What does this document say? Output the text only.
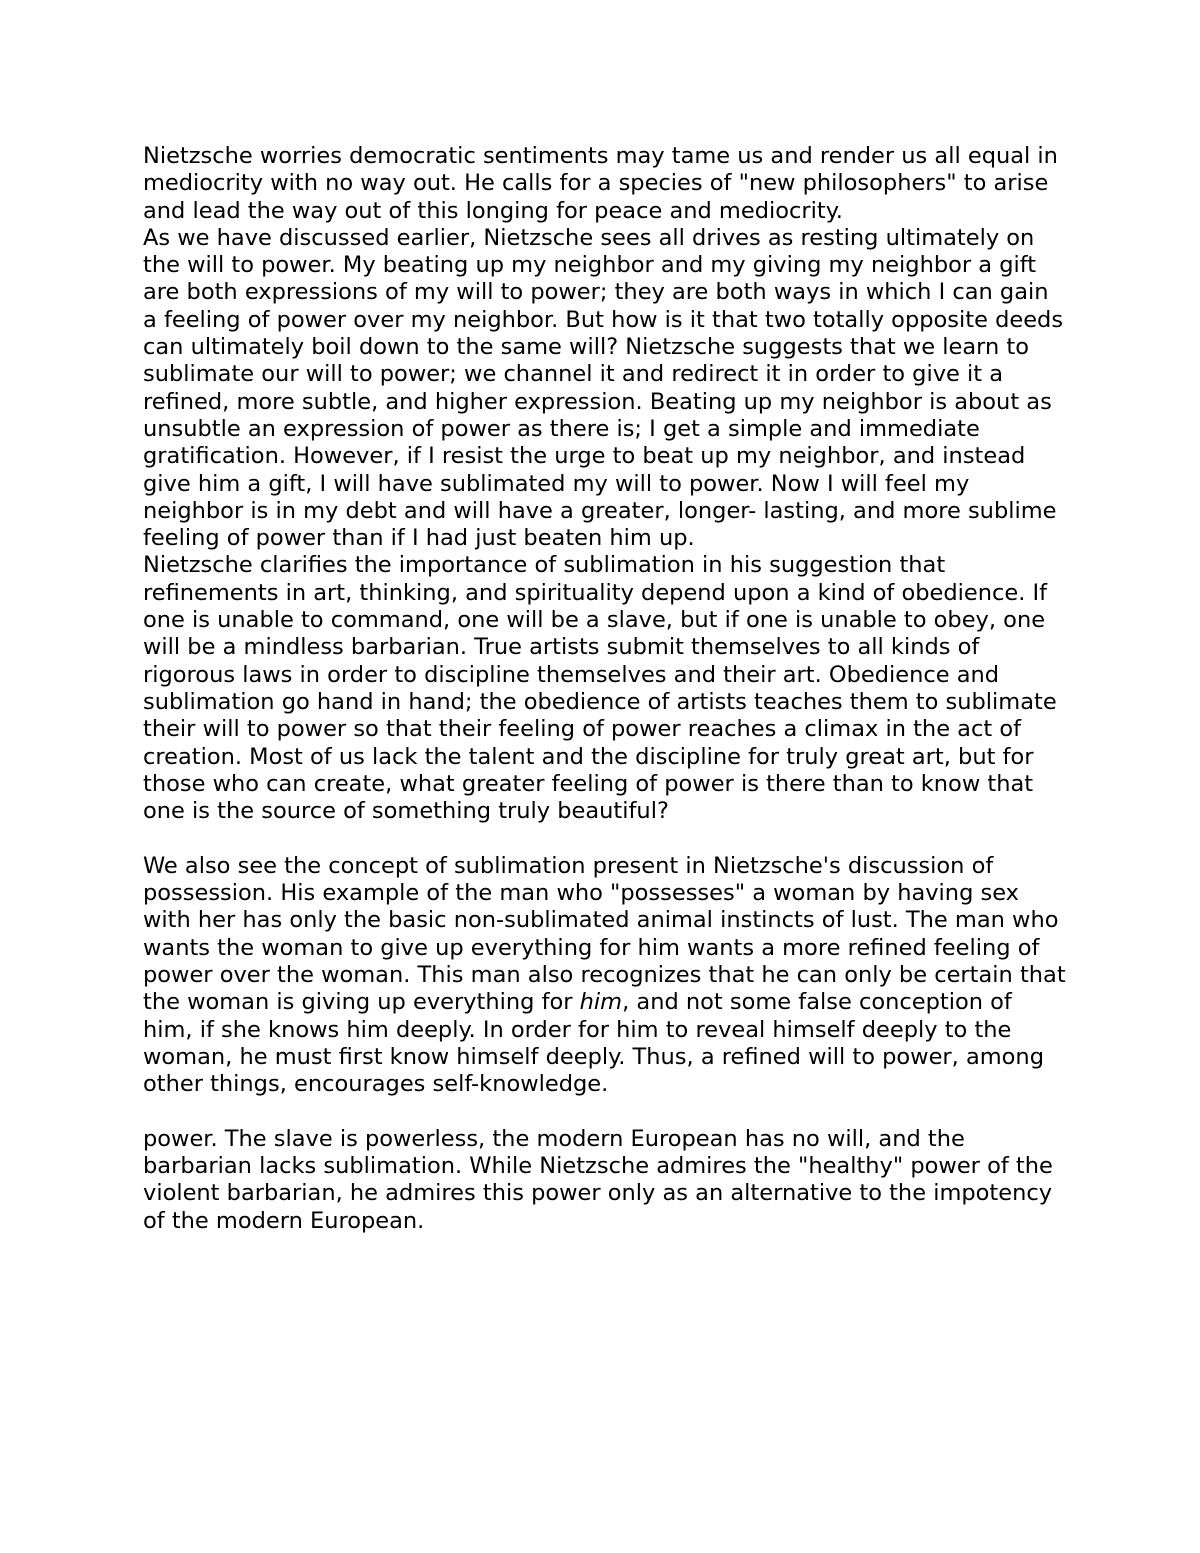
Nietzsche worries democratic sentiments may tame us and render us all equal in mediocrity with no way out. He calls for a species of "new philosophers" to arise and lead the way out of this longing for peace and mediocrity.

As we have discussed earlier, Nietzsche sees all drives as resting ultimately on the will to power. My beating up my neighbor and my giving my neighbor a gift are both expressions of my will to power; they are both ways in which I can gain a feeling of power over my neighbor. But how is it that two totally opposite deeds can ultimately boil down to the same will? Nietzsche suggests that we learn to sublimate our will to power; we channel it and redirect it in order to give it a refined, more subtle, and higher expression. Beating up my neighbor is about as unsubtle an expression of power as there is; I get a simple and immediate gratification. However, if I resist the urge to beat up my neighbor, and instead give him a gift, I will have sublimated my will to power. Now I will feel my neighbor is in my debt and will have a greater, longer- lasting, and more sublime feeling of power than if I had just beaten him up.

Nietzsche clarifies the importance of sublimation in his suggestion that refinements in art, thinking, and spirituality depend upon a kind of obedience. If one is unable to command, one will be a slave, but if one is unable to obey, one will be a mindless barbarian. True artists submit themselves to all kinds of rigorous laws in order to discipline themselves and their art. Obedience and sublimation go hand in hand; the obedience of artists teaches them to sublimate their will to power so that their feeling of power reaches a climax in the act of creation. Most of us lack the talent and the discipline for truly great art, but for those who can create, what greater feeling of power is there than to know that one is the source of something truly beautiful?

We also see the concept of sublimation present in Nietzsche's discussion of possession. His example of the man who "possesses" a woman by having sex with her has only the basic non-sublimated animal instincts of lust. The man who wants the woman to give up everything for him wants a more refined feeling of power over the woman. This man also recognizes that he can only be certain that the woman is giving up everything for him, and not some false conception of him, if she knows him deeply. In order for him to reveal himself deeply to the woman, he must first know himself deeply. Thus, a refined will to power, among other things, encourages self-knowledge.

power. The slave is powerless, the modern European has no will, and the barbarian lacks sublimation. While Nietzsche admires the "healthy" power of the violent barbarian, he admires this power only as an alternative to the impotency of the modern European.
